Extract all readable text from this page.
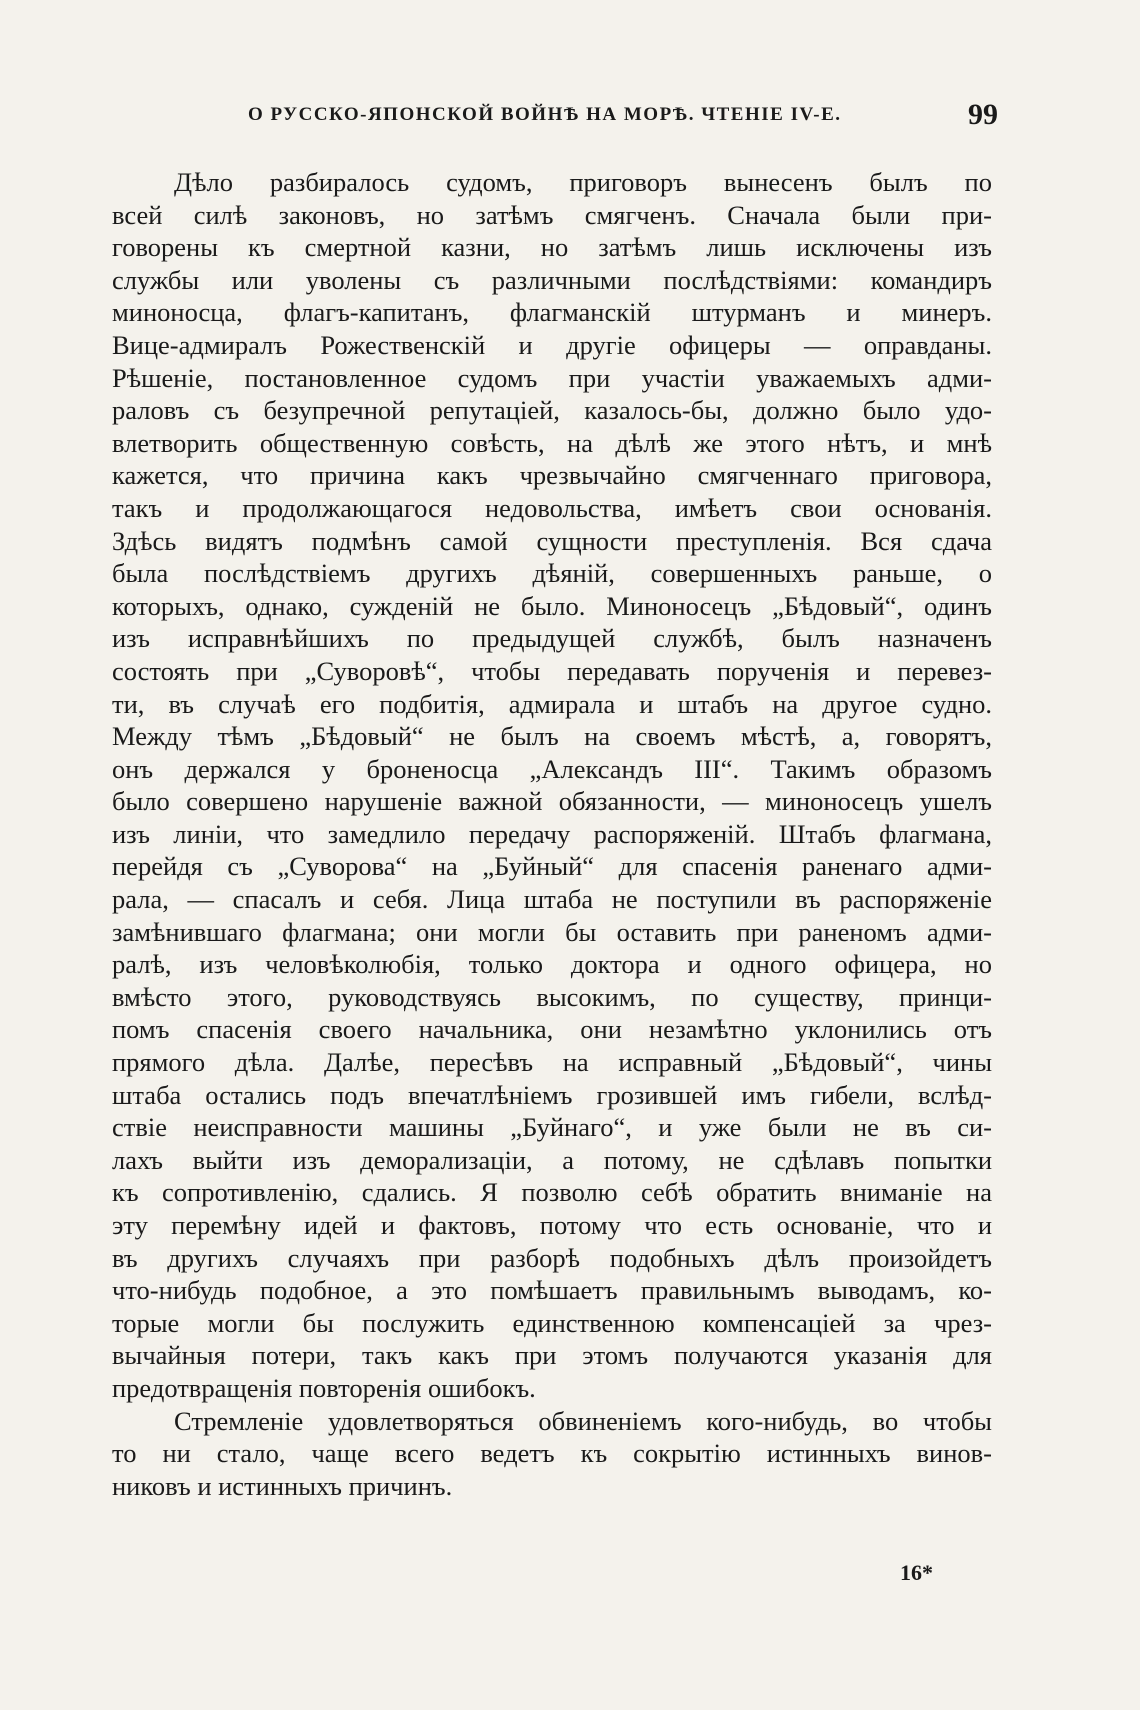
О РУССКО-ЯПОНСКОЙ ВОЙНѢ НА МОРѢ. ЧТЕНІЕ IV-Е.	99
Дѣло разбиралось судомъ, приговоръ вынесенъ былъ по
всей силѣ законовъ, но затѣмъ смягченъ. Сначала были при-
говорены къ смертной казни, но затѣмъ лишь исключены изъ
службы или уволены съ различными послѣдствіями: командиръ
миноносца, флагъ-капитанъ, флагманскій штурманъ и минеръ.
Вице-адмиралъ Рожественскій и другіе офицеры — оправданы.
Рѣшеніе, постановленное судомъ при участіи уважаемыхъ адми-
раловъ съ безупречной репутаціей, казалось-бы, должно было удо-
влетворить общественную совѣсть, на дѣлѣ же этого нѣтъ, и мнѣ
кажется, что причина какъ чрезвычайно смягченнаго приговора,
такъ и продолжающагося недовольства, имѣетъ свои основанія.
Здѣсь видятъ подмѣнъ самой сущности преступленія. Вся сдача
была послѣдствіемъ другихъ дѣяній, совершенныхъ раньше, о
которыхъ, однако, сужденій не было. Миноносецъ „Бѣдовый“, одинъ
изъ исправнѣйшихъ по предыдущей службѣ, былъ назначенъ
состоять при „Суворовѣ“, чтобы передавать порученія и перевез-
ти, въ случаѣ его подбитія, адмирала и штабъ на другое судно.
Между тѣмъ „Бѣдовый“ не былъ на своемъ мѣстѣ, а, говорятъ,
онъ держался у броненосца „Александъ III“. Такимъ образомъ
было совершено нарушеніе важной обязанности, — миноносецъ ушелъ
изъ линіи, что замедлило передачу распоряженій. Штабъ флагмана,
перейдя съ „Суворова“ на „Буйный“ для спасенія раненаго адми-
рала, — спасалъ и себя. Лица штаба не поступили въ распоряженіе
замѣнившаго флагмана; они могли бы оставить при раненомъ адми-
ралѣ, изъ человѣколюбія, только доктора и одного офицера, но
вмѣсто этого, руководствуясь высокимъ, по существу, принци-
помъ спасенія своего начальника, они незамѣтно уклонились отъ
прямого дѣла. Далѣе, пересѣвъ на исправный „Бѣдовый“, чины
штаба остались подъ впечатлѣніемъ грозившей имъ гибели, вслѣд-
ствіе неисправности машины „Буйнаго“, и уже были не въ си-
лахъ выйти изъ деморализаціи, а потому, не сдѣлавъ попытки
къ сопротивленію, сдались. Я позволю себѣ обратить вниманіе на
эту перемѣну идей и фактовъ, потому что есть основаніе, что и
въ другихъ случаяхъ при разборѣ подобныхъ дѣлъ произойдетъ
что-нибудь подобное, а это помѣшаетъ правильнымъ выводамъ, ко-
торые могли бы послужить единственною компенсаціей за чрез-
вычайныя потери, такъ какъ при этомъ получаются указанія для
предотвращенія повторенія ошибокъ.
Стремленіе удовлетворяться обвиненіемъ кого-нибудь, во чтобы
то ни стало, чаще всего ведетъ къ сокрытію истинныхъ винов-
никовъ и истинныхъ причинъ.
16*
